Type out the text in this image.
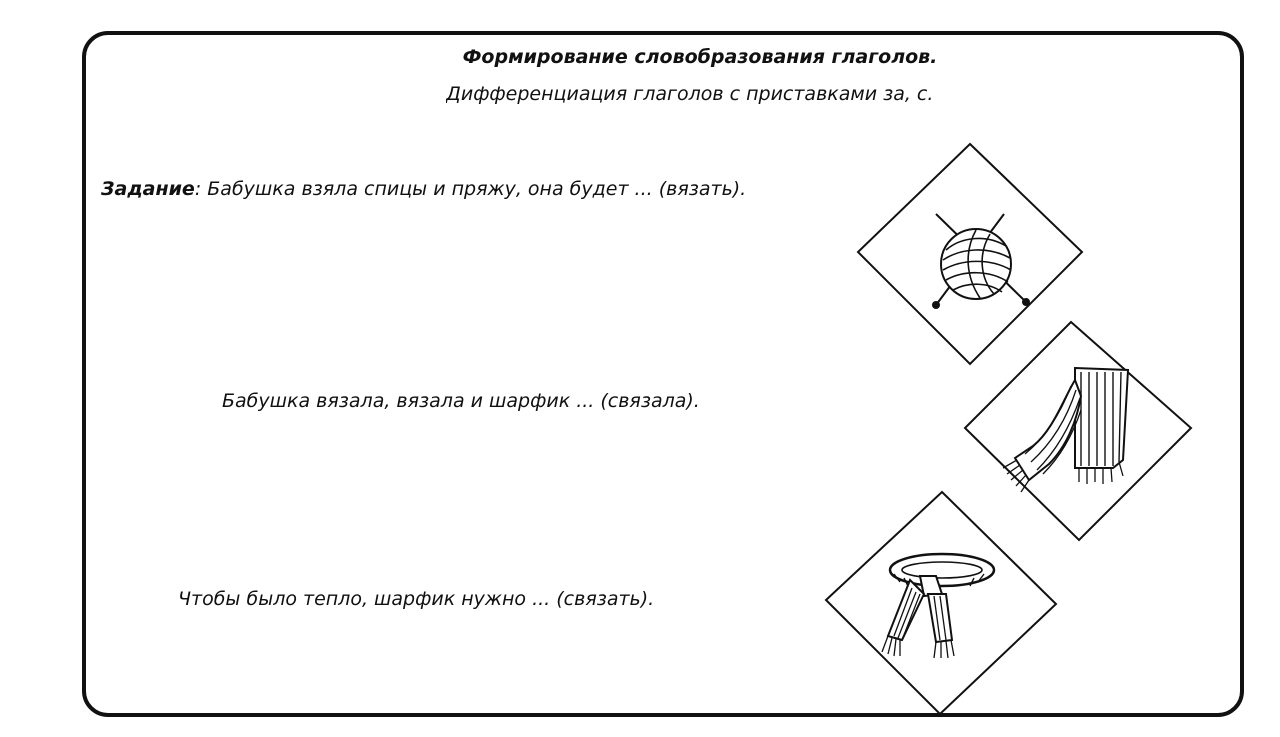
Формирование словобразования глаголов.
Дифференциация глаголов с приставками за, с.
Задание: Бабушка взяла спицы и пряжу, она будет ... (вязать).
Бабушка вязала, вязала и шарфик ... (связала).
Чтобы было тепло, шарфик нужно ... (связать).
